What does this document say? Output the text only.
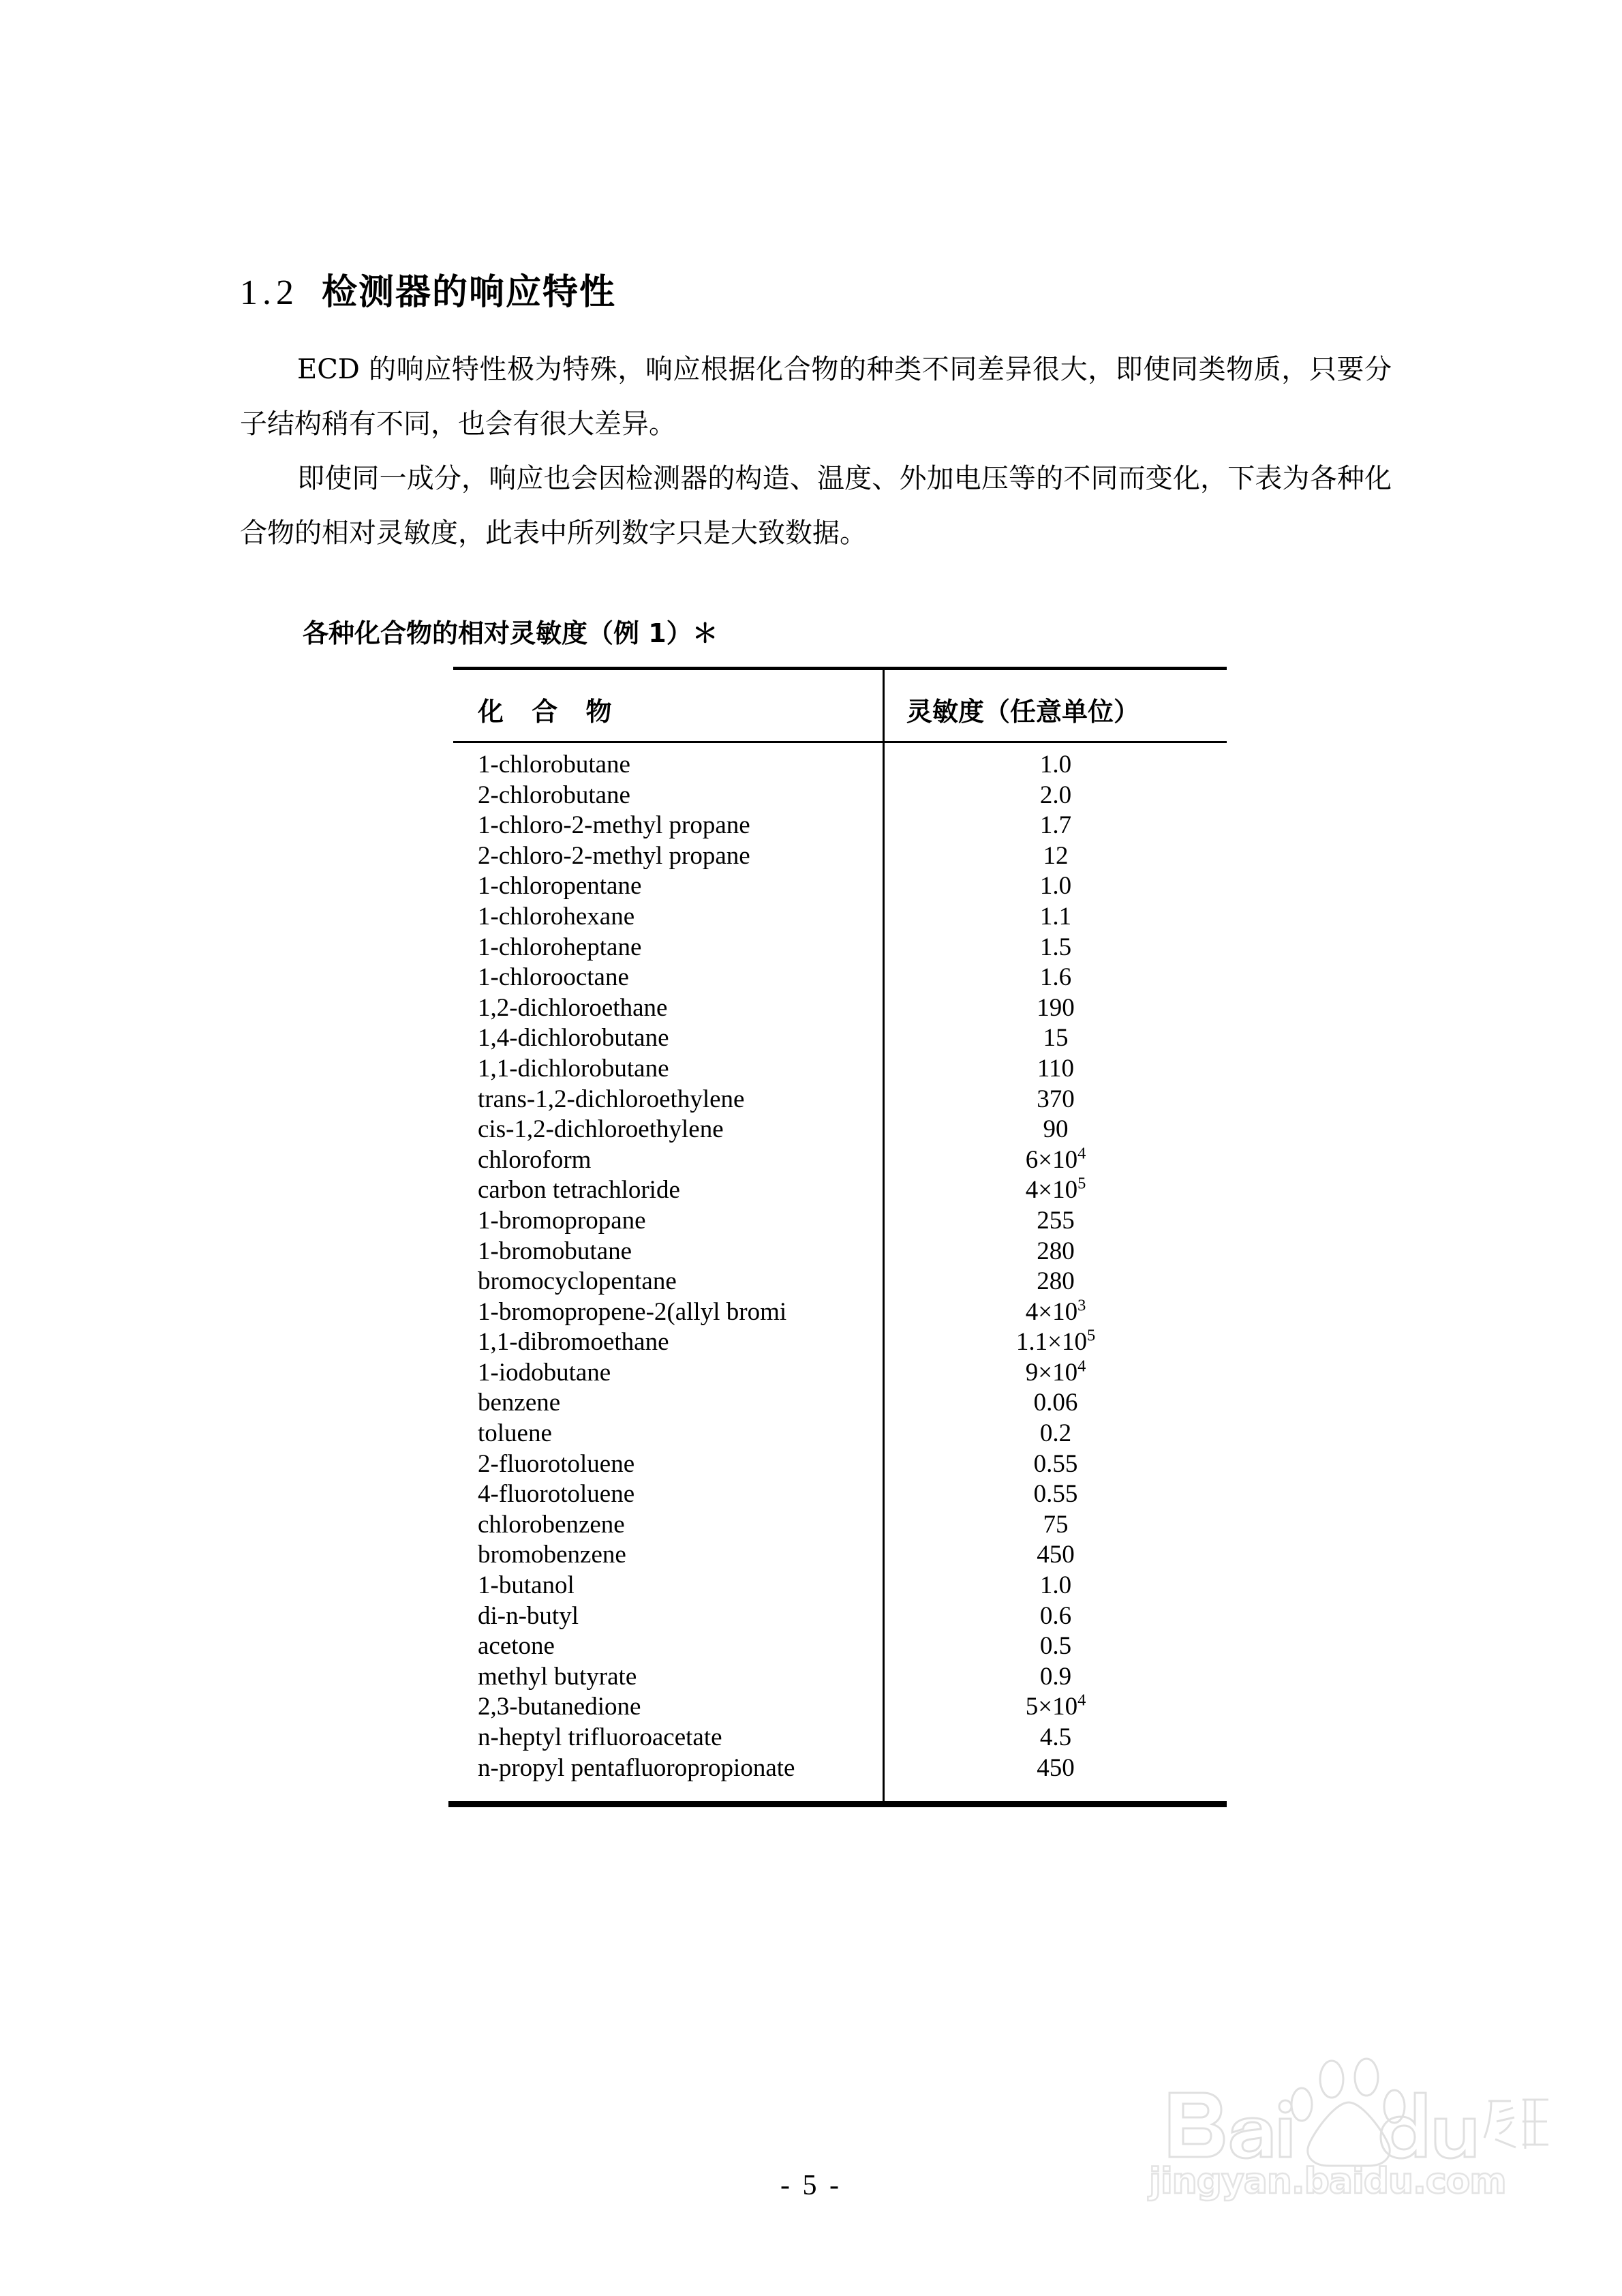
1.2 检测器的响应特性
ECD 的响应特性极为特殊，响应根据化合物的种类不同差异很大，即使同类物质，只要分子结构稍有不同，也会有很大差异。
即使同一成分，响应也会因检测器的构造、温度、外加电压等的不同而变化，下表为各种化合物的相对灵敏度，此表中所列数字只是大致数据。
各种化合物的相对灵敏度（例 1）＊
化 合 物	灵敏度（任意单位）
1-chlorobutane	1.0
2-chlorobutane	2.0
1-chloro-2-methyl propane	1.7
2-chloro-2-methyl propane	12
1-chloropentane	1.0
1-chlorohexane	1.1
1-chloroheptane	1.5
1-chlorooctane	1.6
1,2-dichloroethane	190
1,4-dichlorobutane	15
1,1-dichlorobutane	110
trans-1,2-dichloroethylene	370
cis-1,2-dichloroethylene	90
chloroform	$6\times 10^4$
carbon tetrachloride	$4\times 10^5$
1-bromopropane	255
1-bromobutane	280
bromocyclopentane	280
1-bromopropene-2(allyl bromi	$4\times 10^3$
1,1-dibromoethane	$1.1\times 10^5$
1-iodobutane	$9\times 10^4$
benzene	0.06
toluene	0.2
2-fluorotoluene	0.55
4-fluorotoluene	0.55
chlorobenzene	75
bromobenzene	450
1-butanol	1.0
di-n-butyl	0.6
acetone	0.5
methyl butyrate	0.9
2,3-butanedione	$5\times 10^4$
n-heptyl trifluoroacetate	4.5
n-propyl pentafluoropropionate	450
- 5 -	jingyan.baidu.com
